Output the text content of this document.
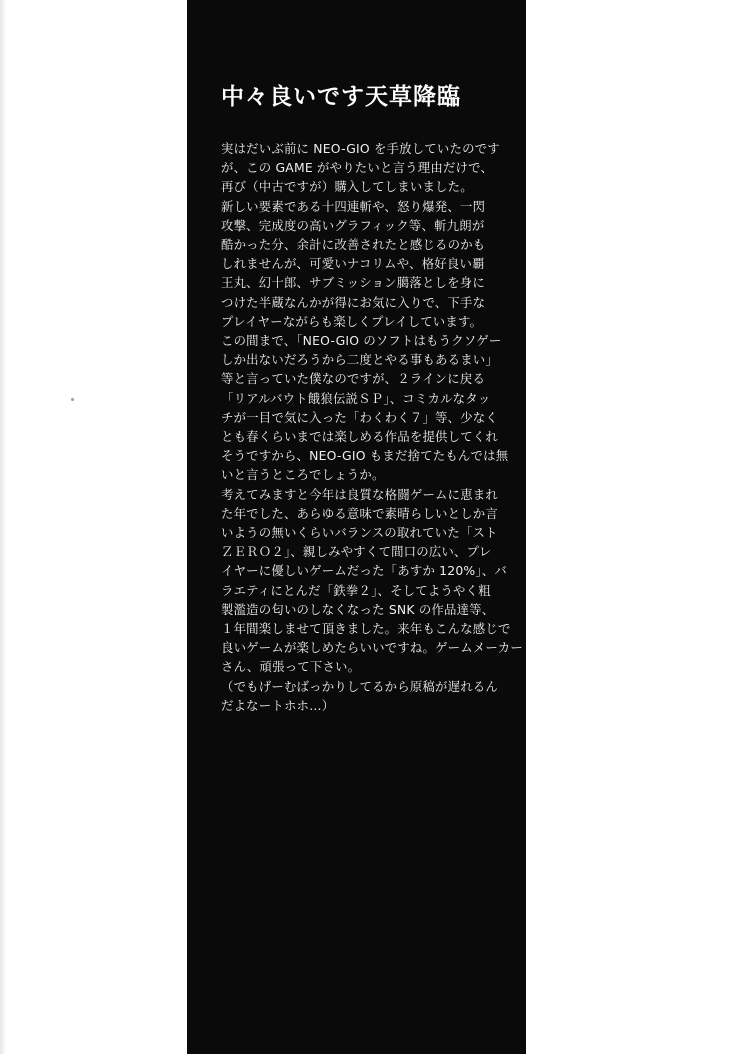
中々良いです天草降臨
実はだいぶ前に NEO-GIO を手放していたのです
が、この GAME がやりたいと言う理由だけで、
再び（中古ですが）購入してしまいました。
新しい要素である十四連斬や、怒り爆発、一閃
攻撃、完成度の高いグラフィック等、斬九朗が
酷かった分、余計に改善されたと感じるのかも
しれませんが、可愛いナコリムや、格好良い覇
王丸、幻十郎、サブミッション臈落としを身に
つけた半蔵なんかが得にお気に入りで、下手な
プレイヤーながらも楽しくプレイしています。
この間まで、「NEO-GIO のソフトはもうクソゲー
しか出ないだろうから二度とやる事もあるまい」
等と言っていた僕なのですが、２ラインに戻る
「リアルバウト餓狼伝説ＳＰ」、コミカルなタッ
チが一目で気に入った「わくわく７」等、少なく
とも春くらいまでは楽しめる作品を提供してくれ
そうですから、NEO-GIO もまだ捨てたもんでは無
いと言うところでしょうか。
考えてみますと今年は良質な格闘ゲームに恵まれ
た年でした、あらゆる意味で素晴らしいとしか言
いようの無いくらいバランスの取れていた「スト
ＺＥＲＯ２」、親しみやすくて間口の広い、プレ
イヤーに優しいゲームだった「あすか 120%」、バ
ラエティにとんだ「鉄拳２」、そしてようやく粗
製濫造の匂いのしなくなった SNK の作品達等、
１年間楽しませて頂きました。来年もこんな感じで
良いゲームが楽しめたらいいですね。ゲームメーカー
さん、頑張って下さい。
（でもげーむばっかりしてるから原稿が遅れるん
だよなートホホ…）
